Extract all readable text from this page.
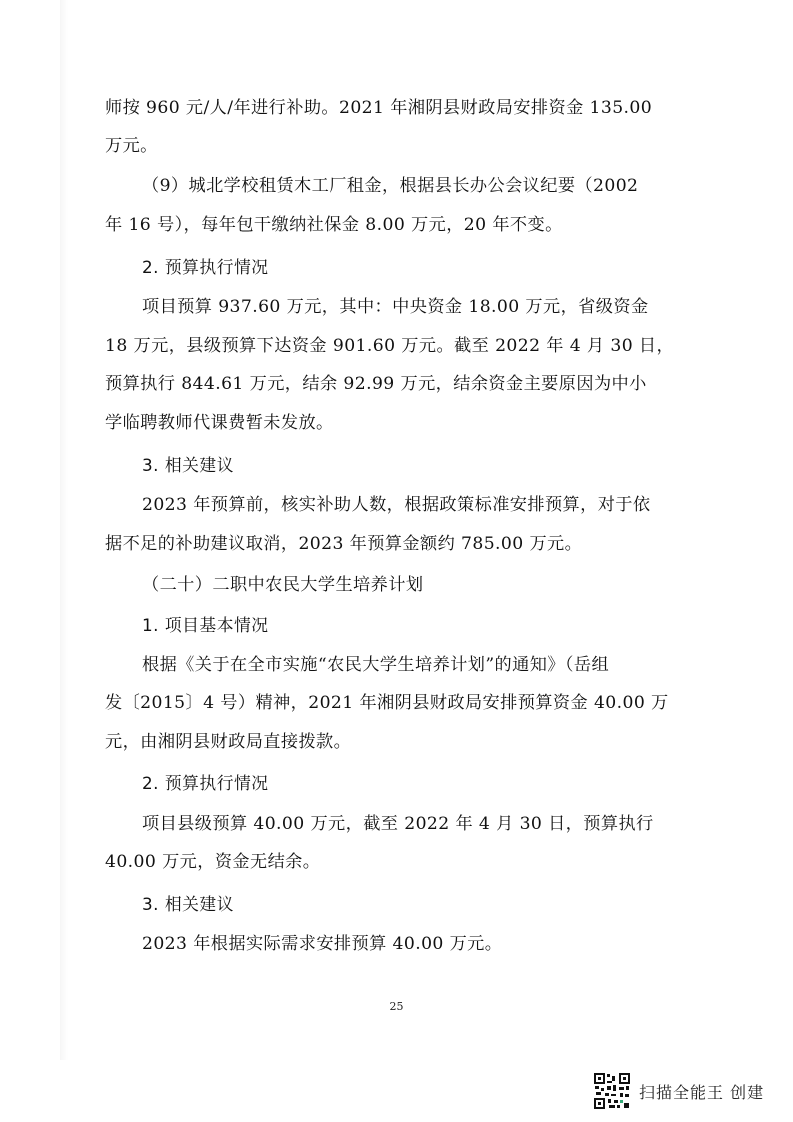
师按 960 元/人/年进行补助。2021 年湘阴县财政局安排资金 135.00
万元。
（9）城北学校租赁木工厂租金，根据县长办公会议纪要（2002
年 16 号），每年包干缴纳社保金 8.00 万元，20 年不变。
2. 预算执行情况
项目预算 937.60 万元，其中：中央资金 18.00 万元，省级资金
18 万元，县级预算下达资金 901.60 万元。截至 2022 年 4 月 30 日，
预算执行 844.61 万元，结余 92.99 万元，结余资金主要原因为中小
学临聘教师代课费暂未发放。
3. 相关建议
2023 年预算前，核实补助人数，根据政策标准安排预算，对于依
据不足的补助建议取消，2023 年预算金额约 785.00 万元。
（二十）二职中农民大学生培养计划
1. 项目基本情况
根据《关于在全市实施“农民大学生培养计划”的通知》（岳组
发〔2015〕4 号）精神，2021 年湘阴县财政局安排预算资金 40.00 万
元，由湘阴县财政局直接拨款。
2. 预算执行情况
项目县级预算 40.00 万元，截至 2022 年 4 月 30 日，预算执行
40.00 万元，资金无结余。
3. 相关建议
2023 年根据实际需求安排预算 40.00 万元。
25
扫描全能王 创建
